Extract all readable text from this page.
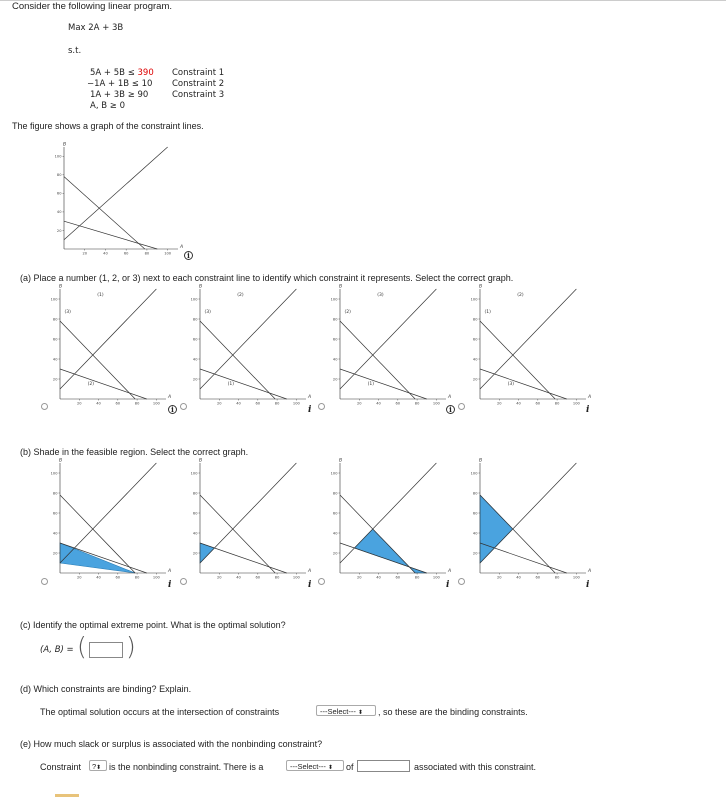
Consider the following linear program.
Max 2A + 3B
s.t.
5A + 5B ≤ 390 Constraint 1
−1A + 1B ≤ 10 Constraint 2
1A + 3B ≥ 90	Constraint 3
A, B ≥ 0
The figure shows a graph of the constraint lines.
20
20
40
40
60
60
80
80
100
100
A
B
i
(a) Place a number (1, 2, or 3) next to each constraint line to identify which constraint it represents. Select the correct graph.
20
20
40
40
60
60
80
80
100
100
A
B
(3)
(1)
(2)
i
20
20
40
40
60
60
80
80
100
100
A
B
(3)
(2)
(1)
i
20
20
40
40
60
60
80
80
100
100
A
B
(2)
(3)
(1)
i
20
20
40
40
60
60
80
80
100
100
A
B
(1)
(2)
(3)
i
(b) Shade in the feasible region. Select the correct graph.
20
20
40
40
60
60
80
80
100
100
A
B
i
20
20
40
40
60
60
80
80
100
100
A
B
i
20
20
40
40
60
60
80
80
100
100
A
B
i
20
20
40
40
60
60
80
80
100
100
A
B
i
(c) Identify the optimal extreme point. What is the optimal solution?
(A, B) = ( )
(d) Which constraints are binding? Explain.
The optimal solution occurs at the intersection of constraints	---Select--- ⬍	, so these are the binding constraints.
(e) How much slack or surplus is associated with the nonbinding constraint?
Constraint	?⬍ is the nonbinding constraint. There is a	---Select--- ⬍	of	associated with this constraint.
